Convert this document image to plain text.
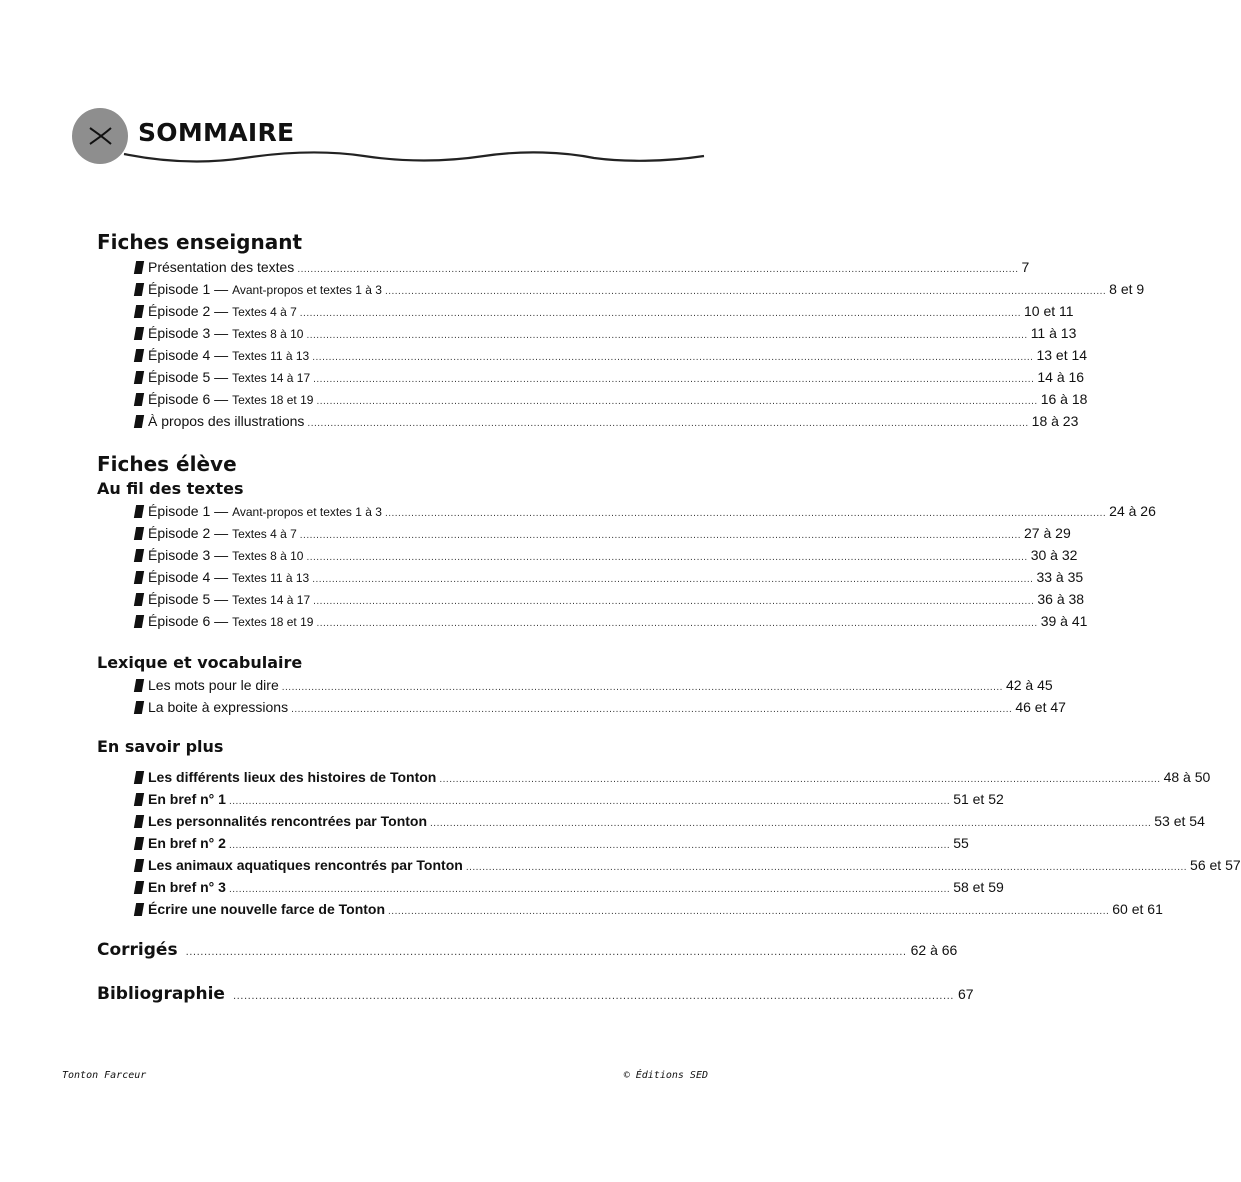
SOMMAIRE
Fiches enseignant
Présentation des textes ............................................................................................................................................................................................................................ 7
Épisode 1 — Avant-propos et textes 1 à 3 ............................................................................................................................................................................................................................ 8 et 9
Épisode 2 — Textes 4 à 7 ............................................................................................................................................................................................................................ 10 et 11
Épisode 3 — Textes 8 à 10 ............................................................................................................................................................................................................................ 11 à 13
Épisode 4 — Textes 11 à 13 ............................................................................................................................................................................................................................ 13 et 14
Épisode 5 — Textes 14 à 17 ............................................................................................................................................................................................................................ 14 à 16
Épisode 6 — Textes 18 et 19 ............................................................................................................................................................................................................................ 16 à 18
À propos des illustrations ............................................................................................................................................................................................................................ 18 à 23
Fiches élève
Au fil des textes
Épisode 1 — Avant-propos et textes 1 à 3 ............................................................................................................................................................................................................................ 24 à 26
Épisode 2 — Textes 4 à 7 ............................................................................................................................................................................................................................ 27 à 29
Épisode 3 — Textes 8 à 10 ............................................................................................................................................................................................................................ 30 à 32
Épisode 4 — Textes 11 à 13 ............................................................................................................................................................................................................................ 33 à 35
Épisode 5 — Textes 14 à 17 ............................................................................................................................................................................................................................ 36 à 38
Épisode 6 — Textes 18 et 19 ............................................................................................................................................................................................................................ 39 à 41
Lexique et vocabulaire
Les mots pour le dire ............................................................................................................................................................................................................................ 42 à 45
La boite à expressions ............................................................................................................................................................................................................................ 46 et 47
En savoir plus
Les différents lieux des histoires de Tonton ............................................................................................................................................................................................................................ 48 à 50
En bref n° 1 ............................................................................................................................................................................................................................ 51 et 52
Les personnalités rencontrées par Tonton ............................................................................................................................................................................................................................ 53 et 54
En bref n° 2 ............................................................................................................................................................................................................................ 55
Les animaux aquatiques rencontrés par Tonton ............................................................................................................................................................................................................................ 56 et 57
En bref n° 3 ............................................................................................................................................................................................................................ 58 et 59
Écrire une nouvelle farce de Tonton ............................................................................................................................................................................................................................ 60 et 61
Corrigés .................................................................................................................................................................................................... 62 à 66
Bibliographie .................................................................................................................................................................................................... 67
Tonton Farceur	© Éditions SED
